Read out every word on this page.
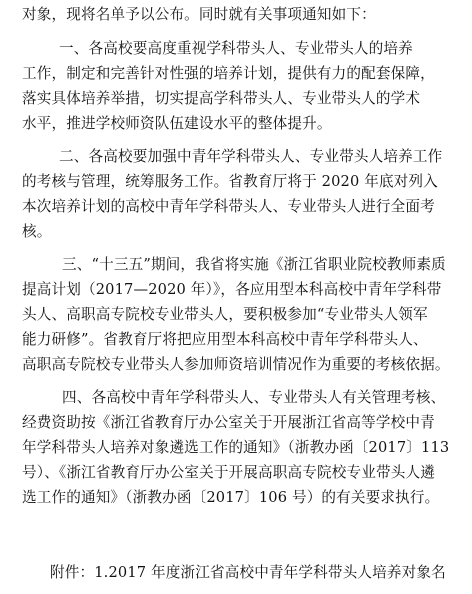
对象，现将名单予以公布。同时就有关事项通知如下：
一、各高校要高度重视学科带头人、专业带头人的培养
工作，制定和完善针对性强的培养计划，提供有力的配套保障，
落实具体培养举措，切实提高学科带头人、专业带头人的学术
水平，推进学校师资队伍建设水平的整体提升。
二、各高校要加强中青年学科带头人、专业带头人培养工作
的考核与管理，统筹服务工作。省教育厅将于 2020 年底对列入
本次培养计划的高校中青年学科带头人、专业带头人进行全面考
核。
三、“十三五”期间，我省将实施《浙江省职业院校教师素质
提高计划（2017—2020 年）》，各应用型本科高校中青年学科带
头人、高职高专院校专业带头人，要积极参加“专业带头人领军
能力研修”。省教育厅将把应用型本科高校中青年学科带头人、
高职高专院校专业带头人参加师资培训情况作为重要的考核依据。
四、各高校中青年学科带头人、专业带头人有关管理考核、
经费资助按《浙江省教育厅办公室关于开展浙江省高等学校中青
年学科带头人培养对象遴选工作的通知》（浙教办函〔2017〕113
号）、《浙江省教育厅办公室关于开展高职高专院校专业带头人遴
选工作的通知》（浙教办函〔2017〕106 号）的有关要求执行。
附件：1.2017 年度浙江省高校中青年学科带头人培养对象名
